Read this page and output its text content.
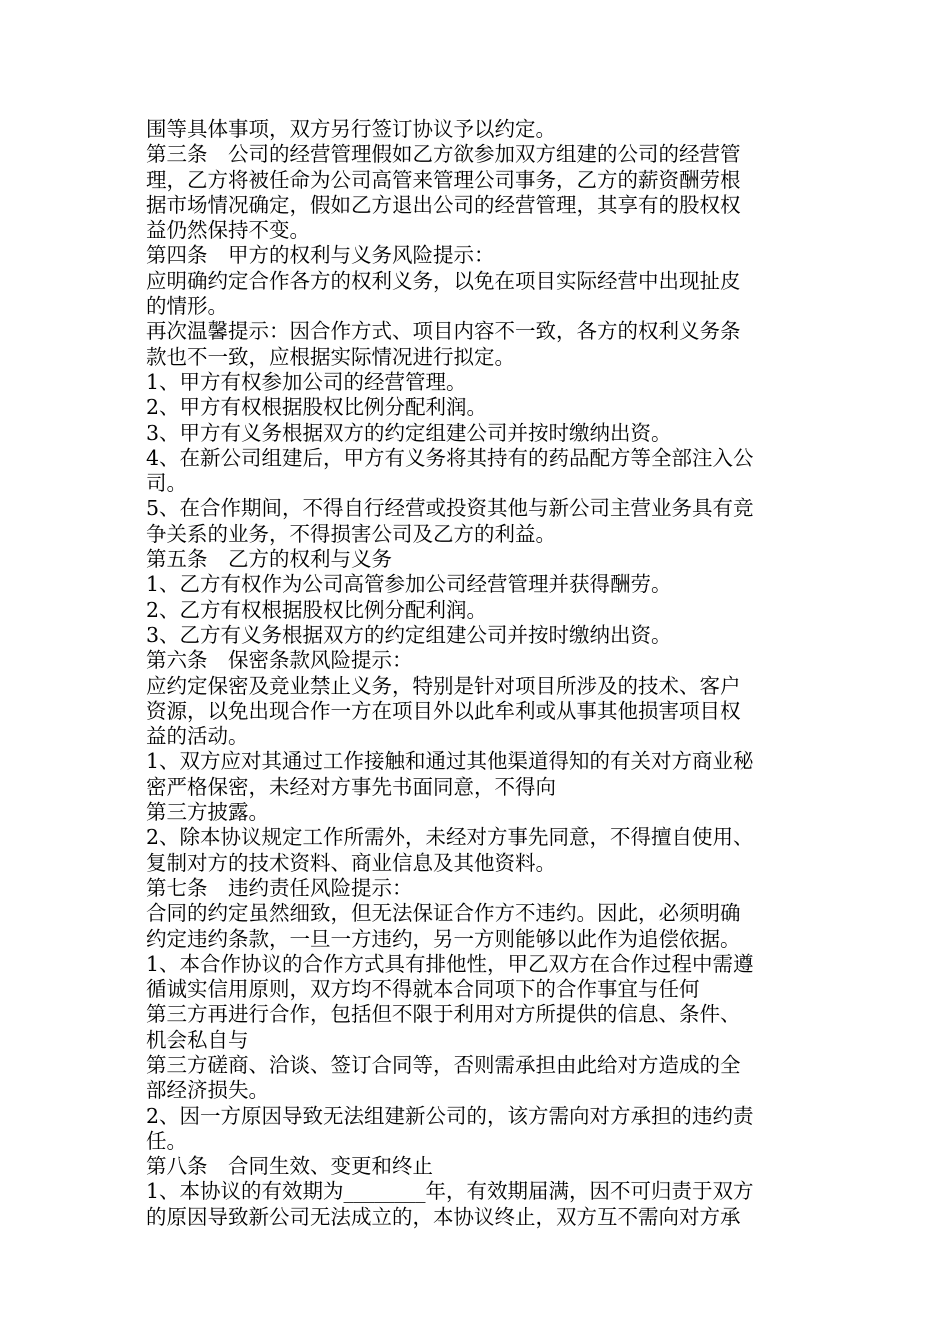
围等具体事项，双方另行签订协议予以约定。
第三条　公司的经营管理假如乙方欲参加双方组建的公司的经营管
理，乙方将被任命为公司高管来管理公司事务，乙方的薪资酬劳根
据市场情况确定，假如乙方退出公司的经营管理，其享有的股权权
益仍然保持不变。
第四条　甲方的权利与义务风险提示：
应明确约定合作各方的权利义务，以免在项目实际经营中出现扯皮
的情形。
再次温馨提示：因合作方式、项目内容不一致，各方的权利义务条
款也不一致，应根据实际情况进行拟定。
1、甲方有权参加公司的经营管理。
2、甲方有权根据股权比例分配利润。
3、甲方有义务根据双方的约定组建公司并按时缴纳出资。
4、在新公司组建后，甲方有义务将其持有的药品配方等全部注入公
司。
5、在合作期间，不得自行经营或投资其他与新公司主营业务具有竞
争关系的业务，不得损害公司及乙方的利益。
第五条　乙方的权利与义务
1、乙方有权作为公司高管参加公司经营管理并获得酬劳。
2、乙方有权根据股权比例分配利润。
3、乙方有义务根据双方的约定组建公司并按时缴纳出资。
第六条　保密条款风险提示：
应约定保密及竞业禁止义务，特别是针对项目所涉及的技术、客户
资源，以免出现合作一方在项目外以此牟利或从事其他损害项目权
益的活动。
1、双方应对其通过工作接触和通过其他渠道得知的有关对方商业秘
密严格保密，未经对方事先书面同意，不得向
第三方披露。
2、除本协议规定工作所需外，未经对方事先同意，不得擅自使用、
复制对方的技术资料、商业信息及其他资料。
第七条　违约责任风险提示：
合同的约定虽然细致，但无法保证合作方不违约。因此，必须明确
约定违约条款，一旦一方违约，另一方则能够以此作为追偿依据。
1、本合作协议的合作方式具有排他性，甲乙双方在合作过程中需遵
循诚实信用原则，双方均不得就本合同项下的合作事宜与任何
第三方再进行合作，包括但不限于利用对方所提供的信息、条件、
机会私自与
第三方磋商、洽谈、签订合同等，否则需承担由此给对方造成的全
部经济损失。
2、因一方原因导致无法组建新公司的，该方需向对方承担的违约责
任。
第八条　合同生效、变更和终止
1、本协议的有效期为________年，有效期届满，因不可归责于双方
的原因导致新公司无法成立的，本协议终止，双方互不需向对方承
